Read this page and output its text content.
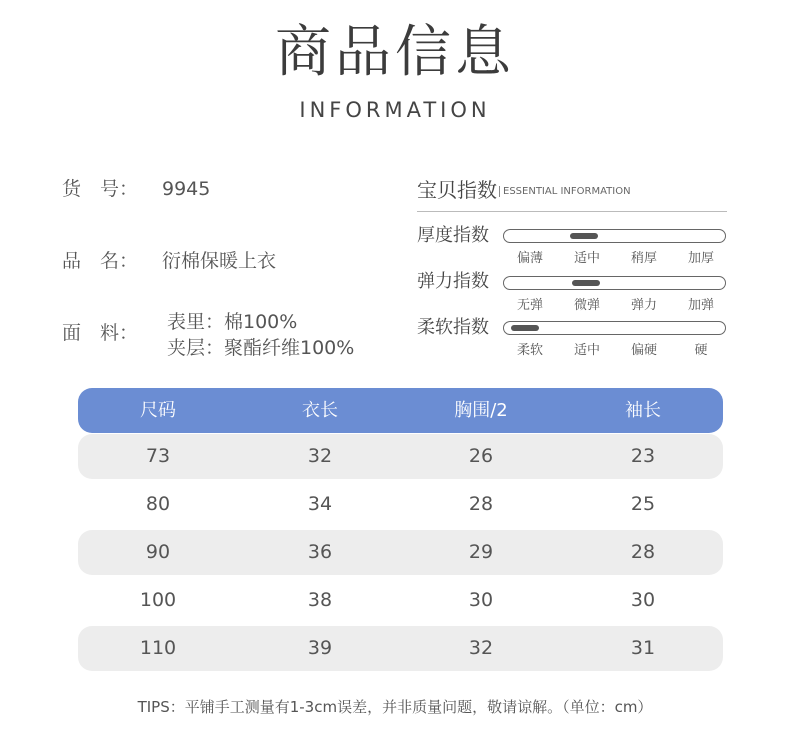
商品信息
INFORMATION
货　号： 9945
品　名： 衍棉保暖上衣
面　料：	表里：棉100%
夹层：聚酯纤维100%
宝贝指数 ESSENTIAL INFORMATION
厚度指数
偏薄	适中	稍厚	加厚
弹力指数
无弹	微弹	弹力	加弹
柔软指数
柔软	适中	偏硬	硬
尺码	衣长	胸围/2	袖长
73	32	26	23
80	34	28	25
90	36	29	28
100	38	30	30
110	39	32	31
TIPS：平铺手工测量有1-3cm误差，并非质量问题，敬请谅解。（单位：cm）
